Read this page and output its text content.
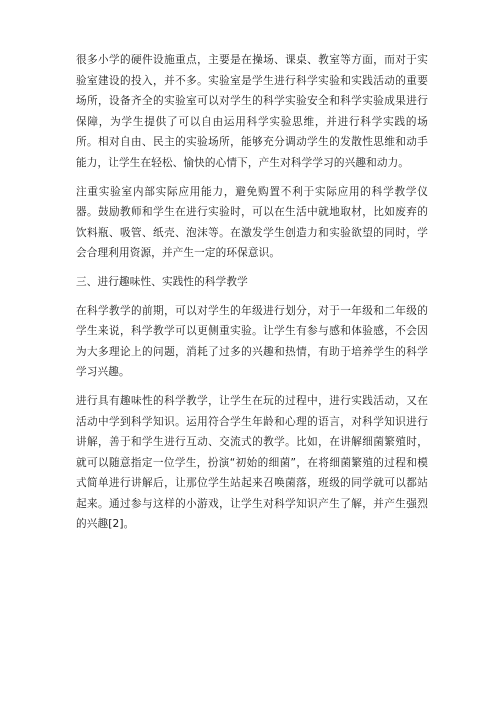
很多小学的硬件设施重点，主要是在操场、课桌、教室等方面，而对于实验室建设的投入，并不多。实验室是学生进行科学实验和实践活动的重要场所，设备齐全的实验室可以对学生的科学实验安全和科学实验成果进行保障，为学生提供了可以自由运用科学实验思维，并进行科学实践的场所。相对自由、民主的实验场所，能够充分调动学生的发散性思维和动手能力，让学生在轻松、愉快的心情下，产生对科学学习的兴趣和动力。

注重实验室内部实际应用能力，避免购置不利于实际应用的科学教学仪器。鼓励教师和学生在进行实验时，可以在生活中就地取材，比如废弃的饮料瓶、吸管、纸壳、泡沫等。在激发学生创造力和实验欲望的同时，学会合理利用资源，并产生一定的环保意识。

三、进行趣味性、实践性的科学教学

在科学教学的前期，可以对学生的年级进行划分，对于一年级和二年级的学生来说，科学教学可以更侧重实验。让学生有参与感和体验感，不会因为大多理论上的问题，消耗了过多的兴趣和热情，有助于培养学生的科学学习兴趣。

进行具有趣味性的科学教学，让学生在玩的过程中，进行实践活动，又在活动中学到科学知识。运用符合学生年龄和心理的语言，对科学知识进行讲解，善于和学生进行互动、交流式的教学。比如，在讲解细菌繁殖时，就可以随意指定一位学生，扮演“初始的细菌”，在将细菌繁殖的过程和模式简单进行讲解后，让那位学生站起来召唤菌落，班级的同学就可以都站起来。通过参与这样的小游戏，让学生对科学知识产生了解，并产生强烈的兴趣[2]。
